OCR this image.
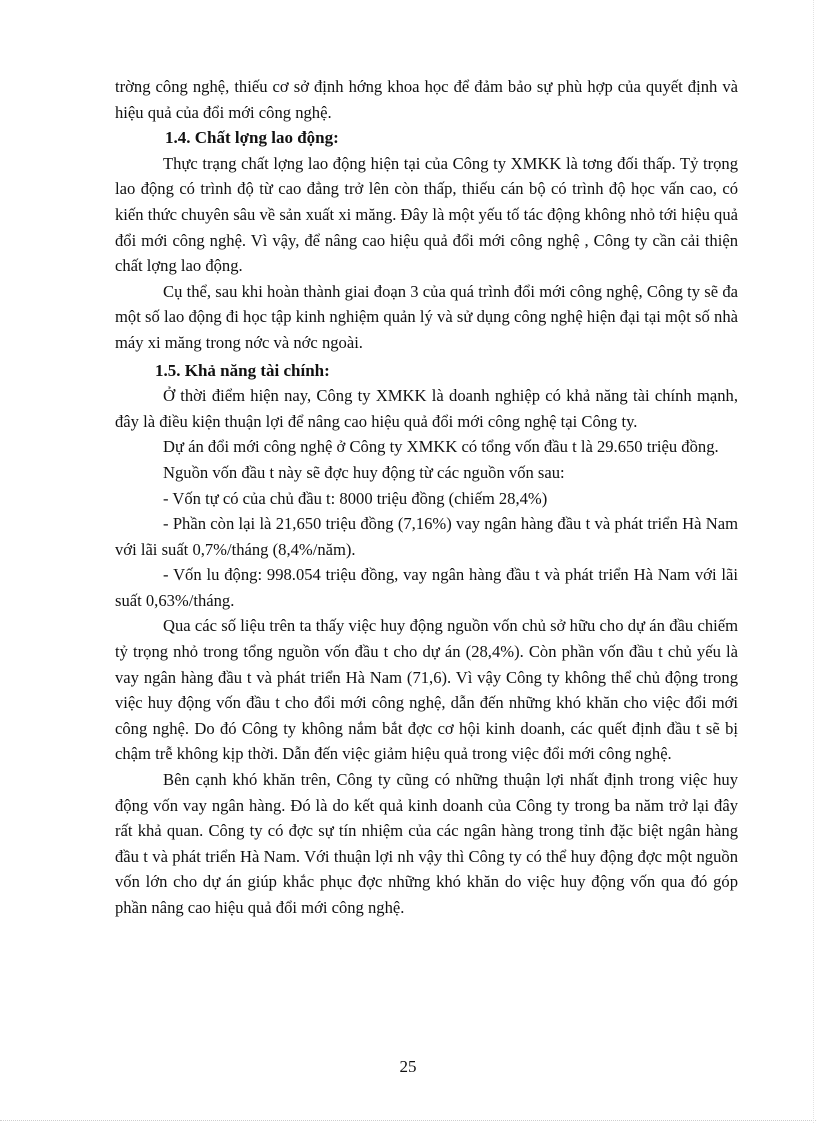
trờng công nghệ, thiếu cơ sở định hớng khoa học để đảm bảo sự phù hợp của quyết định và hiệu quả của đổi mới công nghệ.

1.4. Chất lợng lao động:

Thực trạng chất lợng lao động hiện tại của Công ty XMKK là tơng đối thấp. Tỷ trọng lao động có trình độ từ cao đẳng trở lên còn thấp, thiếu cán bộ có trình độ học vấn cao, có kiến thức chuyên sâu về sản xuất xi măng. Đây là một yếu tố tác động không nhỏ tới hiệu quả đổi mới công nghệ. Vì vậy, để nâng cao hiệu quả đổi mới công nghệ , Công ty cần cải thiện chất lợng lao động.

Cụ thể, sau khi hoàn thành giai đoạn 3 của quá trình đổi mới công nghệ, Công ty sẽ đa một số lao động đi học tập kinh nghiệm quản lý và sử dụng công nghệ hiện đại tại một số nhà máy xi măng trong nớc và nớc ngoài.

1.5. Khả năng tài chính:

Ở thời điểm hiện nay, Công ty XMKK là doanh nghiệp có khả năng tài chính mạnh, đây là điều kiện thuận lợi để nâng cao hiệu quả đổi mới công nghệ tại Công ty.

Dự án đổi mới công nghệ ở Công ty XMKK có tổng vốn đầu t là 29.650 triệu đồng.

Nguồn vốn đầu t này sẽ đợc huy động từ các nguồn vốn sau:

- Vốn tự có của chủ đầu t: 8000 triệu đồng (chiếm 28,4%)

- Phần còn lại là 21,650 triệu đồng (7,16%) vay ngân hàng đầu t và phát triển Hà Nam với lãi suất 0,7%/tháng (8,4%/năm).

- Vốn lu động: 998.054 triệu đồng, vay ngân hàng đầu t và phát triển Hà Nam với lãi suất 0,63%/tháng.

Qua các số liệu trên ta thấy việc huy động nguồn vốn chủ sở hữu cho dự án đầu chiếm tỷ trọng nhỏ trong tổng nguồn vốn đầu t cho dự án (28,4%). Còn phần vốn đầu t chủ yếu là vay ngân hàng đầu t và phát triển Hà Nam (71,6). Vì vậy Công ty không thể chủ động trong việc huy động vốn đầu t cho đổi mới công nghệ, dẫn đến những khó khăn cho việc đổi mới công nghệ. Do đó Công ty không nắm bắt đợc cơ hội kinh doanh, các quết định đầu t sẽ bị chậm trễ không kịp thời. Dẫn đến việc giảm hiệu quả trong việc đổi mới công nghệ.

Bên cạnh khó khăn trên, Công ty cũng có những thuận lợi nhất định trong việc huy động vốn vay ngân hàng. Đó là do kết quả kinh doanh của Công ty trong ba năm trở lại đây rất khả quan. Công ty có đợc sự tín nhiệm của các ngân hàng trong tỉnh đặc biệt ngân hàng đầu t và phát triển Hà Nam. Với thuận lợi nh vậy thì Công ty có thể huy động đợc một nguồn vốn lớn cho dự án giúp khắc phục đợc những khó khăn do việc huy động vốn qua đó góp phần nâng cao hiệu quả đổi mới công nghệ.

25
